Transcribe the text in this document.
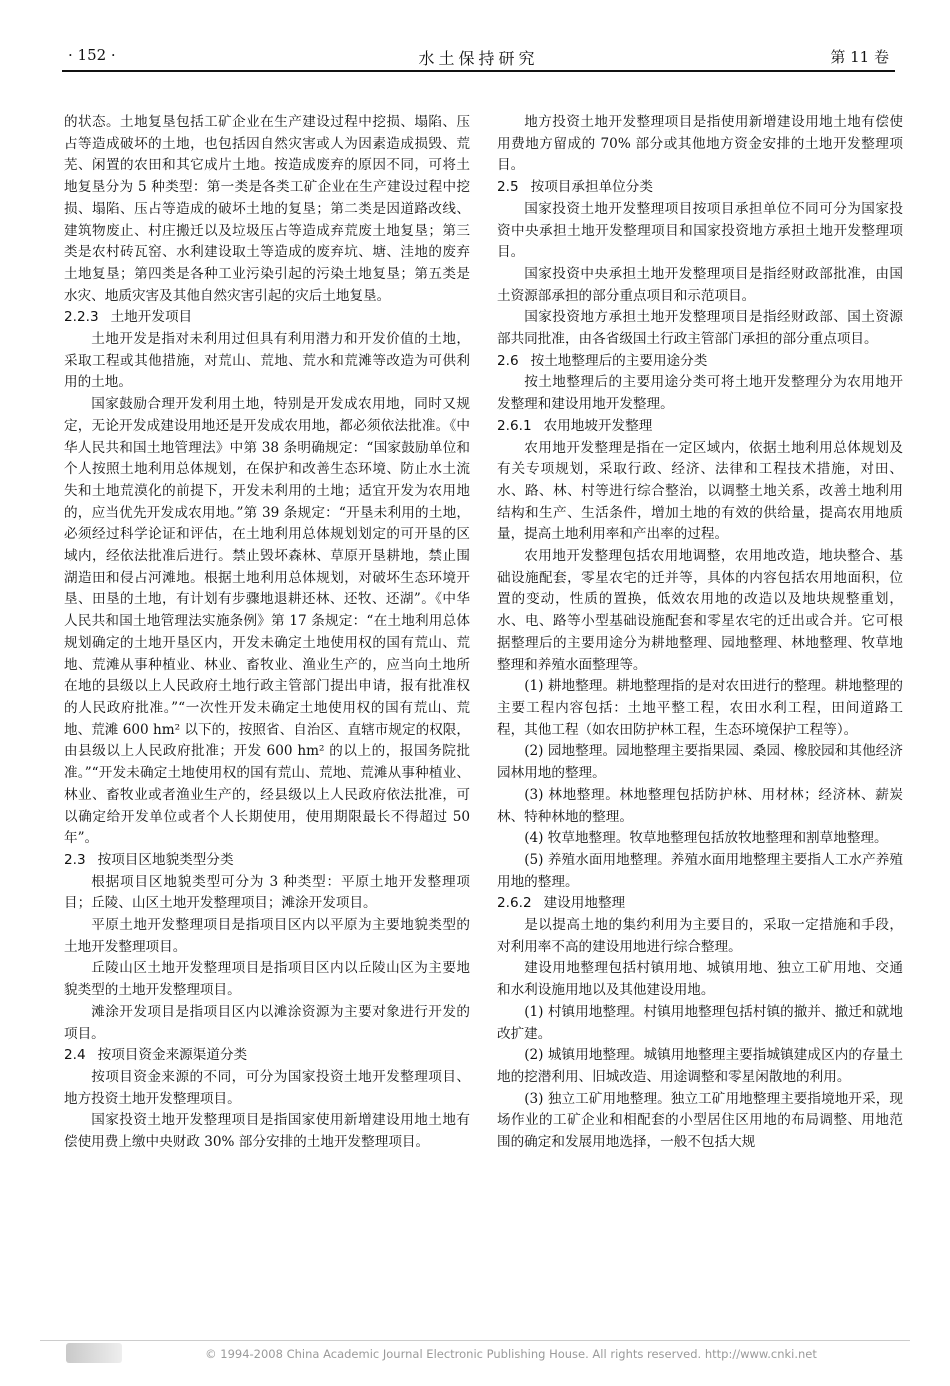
· 152 ·	水土保持研究	第 11 卷

的状态。土地复垦包括工矿企业在生产建设过程中挖损、塌陷、压占等造成破坏的土地，也包括因自然灾害或人为因素造成损毁、荒芜、闲置的农田和其它成片土地。按造成废弃的原因不同，可将土地复垦分为 5 种类型：第一类是各类工矿企业在生产建设过程中挖损、塌陷、压占等造成的破坏土地的复垦；第二类是因道路改线、建筑物废止、村庄搬迁以及垃圾压占等造成弃荒废土地复垦；第三类是农村砖瓦窑、水利建设取土等造成的废弃坑、塘、洼地的废弃土地复垦；第四类是各种工业污染引起的污染土地复垦；第五类是水灾、地质灾害及其他自然灾害引起的灾后土地复垦。

2.2.3 土地开发项目

土地开发是指对未利用过但具有利用潜力和开发价值的土地，采取工程或其他措施，对荒山、荒地、荒水和荒滩等改造为可供利用的土地。

国家鼓励合理开发利用土地，特别是开发成农用地，同时又规定，无论开发成建设用地还是开发成农用地，都必须依法批准。《中华人民共和国土地管理法》中第 38 条明确规定：“国家鼓励单位和个人按照土地利用总体规划，在保护和改善生态环境、防止水土流失和土地荒漠化的前提下，开发未利用的土地；适宜开发为农用地的，应当优先开发成农用地。”第 39 条规定：“开垦未利用的土地，必须经过科学论证和评估，在土地利用总体规划划定的可开垦的区域内，经依法批准后进行。禁止毁坏森林、草原开垦耕地，禁止围湖造田和侵占河滩地。根据土地利用总体规划，对破坏生态环境开垦、田垦的土地，有计划有步骤地退耕还林、还牧、还湖”。《中华人民共和国土地管理法实施条例》第 17 条规定：“在土地利用总体规划确定的土地开垦区内，开发未确定土地使用权的国有荒山、荒地、荒滩从事种植业、林业、畜牧业、渔业生产的，应当向土地所在地的县级以上人民政府土地行政主管部门提出申请，报有批准权的人民政府批准。”“一次性开发未确定土地使用权的国有荒山、荒地、荒滩 600 hm² 以下的，按照省、自治区、直辖市规定的权限，由县级以上人民政府批准；开发 600 hm² 的以上的，报国务院批准。”“开发未确定土地使用权的国有荒山、荒地、荒滩从事种植业、林业、畜牧业或者渔业生产的，经县级以上人民政府依法批准，可以确定给开发单位或者个人长期使用，使用期限最长不得超过 50 年”。

2.3 按项目区地貌类型分类

根据项目区地貌类型可分为 3 种类型：平原土地开发整理项目；丘陵、山区土地开发整理项目；滩涂开发项目。

平原土地开发整理项目是指项目区内以平原为主要地貌类型的土地开发整理项目。

丘陵山区土地开发整理项目是指项目区内以丘陵山区为主要地貌类型的土地开发整理项目。

滩涂开发项目是指项目区内以滩涂资源为主要对象进行开发的项目。

2.4 按项目资金来源渠道分类

按项目资金来源的不同，可分为国家投资土地开发整理项目、地方投资土地开发整理项目。

国家投资土地开发整理项目是指国家使用新增建设用地土地有偿使用费上缴中央财政 30% 部分安排的土地开发整理项目。

地方投资土地开发整理项目是指使用新增建设用地土地有偿使用费地方留成的 70% 部分或其他地方资金安排的土地开发整理项目。

2.5 按项目承担单位分类

国家投资土地开发整理项目按项目承担单位不同可分为国家投资中央承担土地开发整理项目和国家投资地方承担土地开发整理项目。

国家投资中央承担土地开发整理项目是指经财政部批准，由国土资源部承担的部分重点项目和示范项目。

国家投资地方承担土地开发整理项目是指经财政部、国土资源部共同批准，由各省级国土行政主管部门承担的部分重点项目。

2.6 按土地整理后的主要用途分类

按土地整理后的主要用途分类可将土地开发整理分为农用地开发整理和建设用地开发整理。

2.6.1 农用地坡开发整理

农用地开发整理是指在一定区域内，依据土地利用总体规划及有关专项规划，采取行政、经济、法律和工程技术措施，对田、水、路、林、村等进行综合整治，以调整土地关系，改善土地利用结构和生产、生活条件，增加土地的有效的供给量，提高农用地质量，提高土地利用率和产出率的过程。

农用地开发整理包括农用地调整，农用地改造，地块整合、基础设施配套，零星农宅的迁并等，具体的内容包括农用地面积，位置的变动，性质的置换，低效农用地的改造以及地块规整重划，水、电、路等小型基础设施配套和零星农宅的迁出或合并。它可根据整理后的主要用途分为耕地整理、园地整理、林地整理、牧草地整理和养殖水面整理等。

(1) 耕地整理。耕地整理指的是对农田进行的整理。耕地整理的主要工程内容包括：土地平整工程，农田水利工程，田间道路工程，其他工程（如农田防护林工程，生态环境保护工程等）。

(2) 园地整理。园地整理主要指果园、桑园、橡胶园和其他经济园林用地的整理。

(3) 林地整理。林地整理包括防护林、用材林；经济林、薪炭林、特种林地的整理。

(4) 牧草地整理。牧草地整理包括放牧地整理和割草地整理。

(5) 养殖水面用地整理。养殖水面用地整理主要指人工水产养殖用地的整理。

2.6.2 建设用地整理

是以提高土地的集约利用为主要目的，采取一定措施和手段，对利用率不高的建设用地进行综合整理。

建设用地整理包括村镇用地、城镇用地、独立工矿用地、交通和水利设施用地以及其他建设用地。

(1) 村镇用地整理。村镇用地整理包括村镇的撤并、撤迁和就地改扩建。

(2) 城镇用地整理。城镇用地整理主要指城镇建成区内的存量土地的挖潜利用、旧城改造、用途调整和零星闲散地的利用。

(3) 独立工矿用地整理。独立工矿用地整理主要指境地开采，现场作业的工矿企业和相配套的小型居住区用地的布局调整、用地范围的确定和发展用地选择，一般不包括大规

© 1994-2008 China Academic Journal Electronic Publishing House. All rights reserved. http://www.cnki.net
